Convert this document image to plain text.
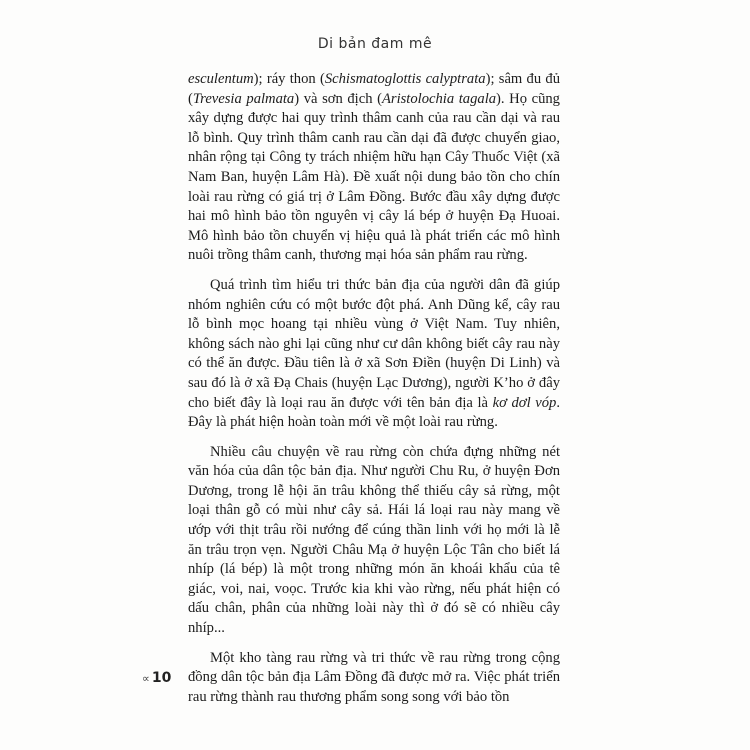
Di bản đam mê

esculentum); ráy thon (Schismatoglottis calyptrata); sâm đu đủ (Trevesia palmata) và sơn địch (Aristolochia tagala). Họ cũng xây dựng được hai quy trình thâm canh của rau cần dại và rau lỗ bình. Quy trình thâm canh rau cần dại đã được chuyển giao, nhân rộng tại Công ty trách nhiệm hữu hạn Cây Thuốc Việt (xã Nam Ban, huyện Lâm Hà). Đề xuất nội dung bảo tồn cho chín loài rau rừng có giá trị ở Lâm Đồng. Bước đầu xây dựng được hai mô hình bảo tồn nguyên vị cây lá bép ở huyện Đạ Huoai. Mô hình bảo tồn chuyển vị hiệu quả là phát triển các mô hình nuôi trồng thâm canh, thương mại hóa sản phẩm rau rừng.

Quá trình tìm hiểu tri thức bản địa của người dân đã giúp nhóm nghiên cứu có một bước đột phá. Anh Dũng kể, cây rau lỗ bình mọc hoang tại nhiều vùng ở Việt Nam. Tuy nhiên, không sách nào ghi lại cũng như cư dân không biết cây rau này có thể ăn được. Đầu tiên là ở xã Sơn Điền (huyện Di Linh) và sau đó là ở xã Đạ Chais (huyện Lạc Dương), người K’ho ở đây cho biết đây là loại rau ăn được với tên bản địa là kơ dơl vóp. Đây là phát hiện hoàn toàn mới về một loài rau rừng.

Nhiều câu chuyện về rau rừng còn chứa đựng những nét văn hóa của dân tộc bản địa. Như người Chu Ru, ở huyện Đơn Dương, trong lễ hội ăn trâu không thể thiếu cây sả rừng, một loại thân gỗ có mùi như cây sả. Hái lá loại rau này mang về ướp với thịt trâu rồi nướng để cúng thần linh với họ mới là lễ ăn trâu trọn vẹn. Người Châu Mạ ở huyện Lộc Tân cho biết lá nhíp (lá bép) là một trong những món ăn khoái khẩu của tê giác, voi, nai, voọc. Trước kia khi vào rừng, nếu phát hiện có dấu chân, phân của những loài này thì ở đó sẽ có nhiều cây nhíp...

Một kho tàng rau rừng và tri thức về rau rừng trong cộng đồng dân tộc bản địa Lâm Đồng đã được mở ra. Việc phát triển rau rừng thành rau thương phẩm song song với bảo tồn

∝ 10
